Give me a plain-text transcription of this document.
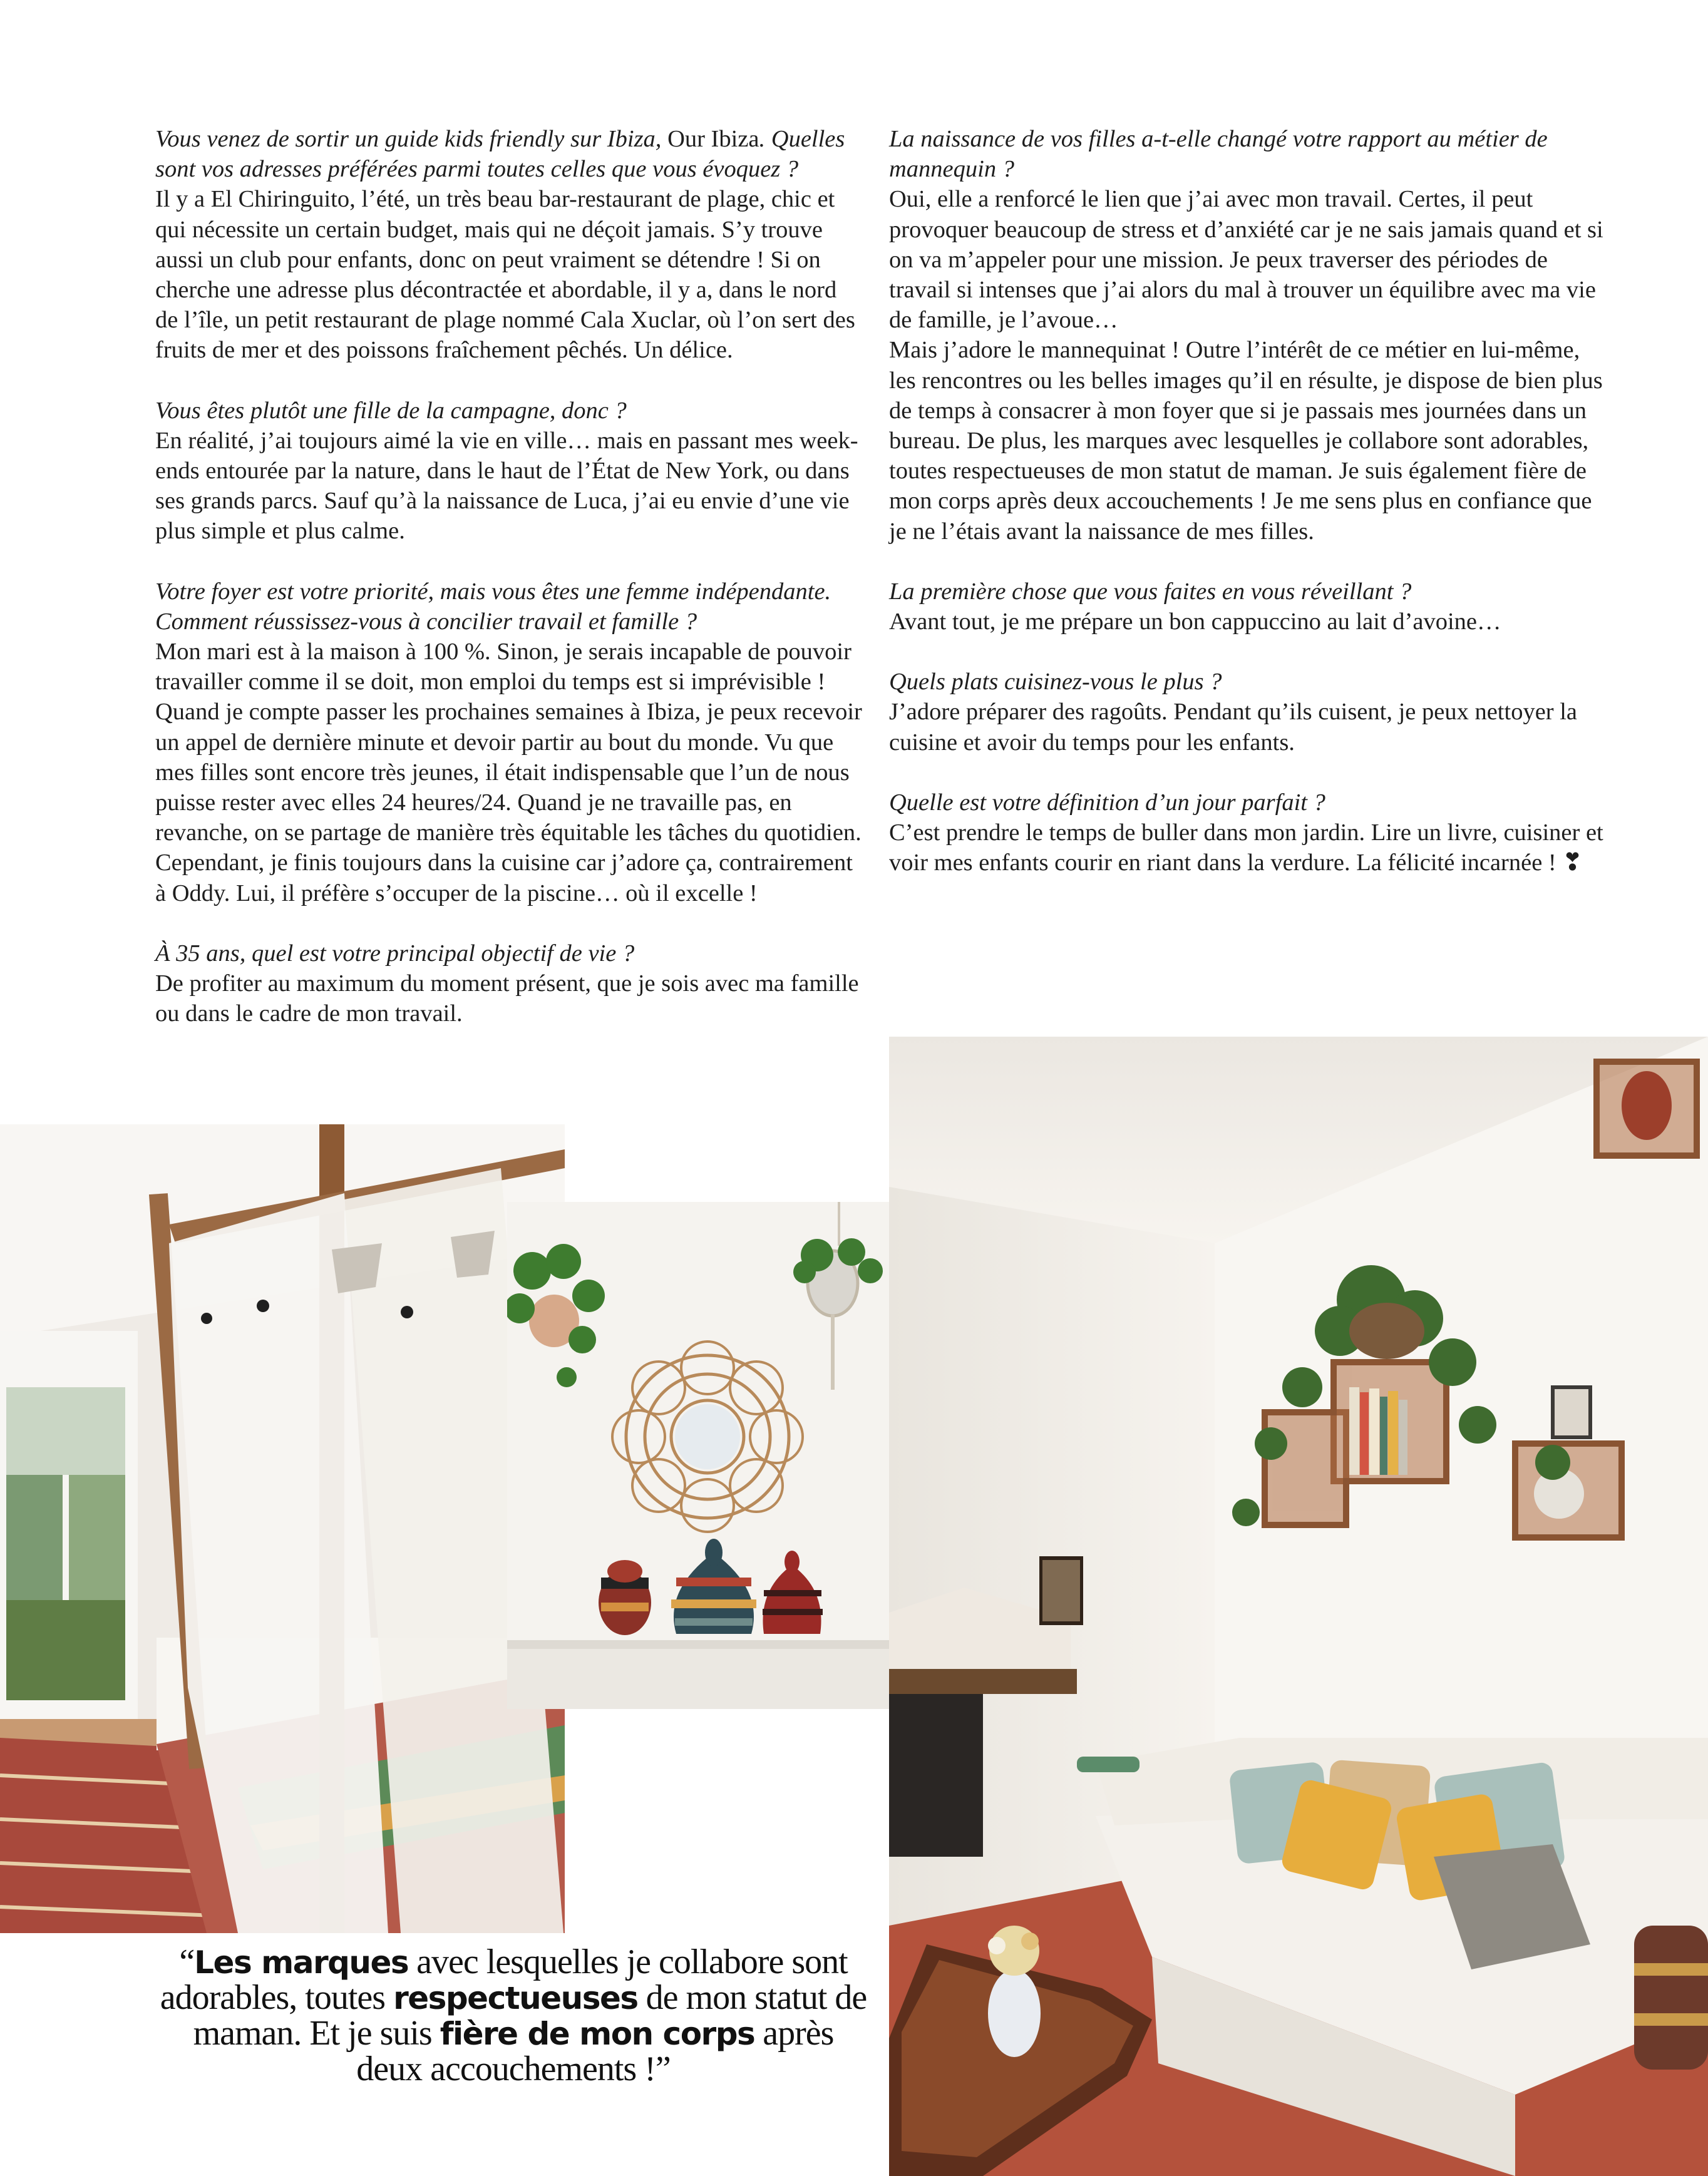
Vous venez de sortir un guide kids friendly sur Ibiza, Our Ibiza. Quelles sont vos adresses préférées parmi toutes celles que vous évoquez ?

Il y a El Chiringuito, l’été, un très beau bar-restaurant de plage, chic et qui nécessite un certain budget, mais qui ne déçoit jamais. S’y trouve aussi un club pour enfants, donc on peut vraiment se détendre ! Si on cherche une adresse plus décontractée et abordable, il y a, dans le nord de l’île, un petit restaurant de plage nommé Cala Xuclar, où l’on sert des fruits de mer et des poissons fraîchement pêchés. Un délice.

Vous êtes plutôt une fille de la campagne, donc ?

En réalité, j’ai toujours aimé la vie en ville… mais en passant mes week-ends entourée par la nature, dans le haut de l’État de New York, ou dans ses grands parcs. Sauf qu’à la naissance de Luca, j’ai eu envie d’une vie plus simple et plus calme.

Votre foyer est votre priorité, mais vous êtes une femme indépendante. Comment réussissez-vous à concilier travail et famille ?

Mon mari est à la maison à 100 %. Sinon, je serais incapable de pouvoir travailler comme il se doit, mon emploi du temps est si imprévisible ! Quand je compte passer les prochaines semaines à Ibiza, je peux recevoir un appel de dernière minute et devoir partir au bout du monde. Vu que mes filles sont encore très jeunes, il était indispensable que l’un de nous puisse rester avec elles 24 heures/24. Quand je ne travaille pas, en revanche, on se partage de manière très équitable les tâches du quotidien. Cependant, je finis toujours dans la cuisine car j’adore ça, contrairement à Oddy. Lui, il préfère s’occuper de la piscine… où il excelle !

À 35 ans, quel est votre principal objectif de vie ?

De profiter au maximum du moment présent, que je sois avec ma famille ou dans le cadre de mon travail.

La naissance de vos filles a-t-elle changé votre rapport au métier de mannequin ?

Oui, elle a renforcé le lien que j’ai avec mon travail. Certes, il peut provoquer beaucoup de stress et d’anxiété car je ne sais jamais quand et si on va m’appeler pour une mission. Je peux traverser des périodes de travail si intenses que j’ai alors du mal à trouver un équilibre avec ma vie de famille, je l’avoue…

Mais j’adore le mannequinat ! Outre l’intérêt de ce métier en lui-même, les rencontres ou les belles images qu’il en résulte, je dispose de bien plus de temps à consacrer à mon foyer que si je passais mes journées dans un bureau. De plus, les marques avec lesquelles je collabore sont adorables, toutes respectueuses de mon statut de maman. Je suis également fière de mon corps après deux accouchements ! Je me sens plus en confiance que je ne l’étais avant la naissance de mes filles.

La première chose que vous faites en vous réveillant ?

Avant tout, je me prépare un bon cappuccino au lait d’avoine…

Quels plats cuisinez-vous le plus ?

J’adore préparer des ragoûts. Pendant qu’ils cuisent, je peux nettoyer la cuisine et avoir du temps pour les enfants.

Quelle est votre définition d’un jour parfait ?

C’est prendre le temps de buller dans mon jardin. Lire un livre, cuisiner et voir mes enfants courir en riant dans la verdure. La félicité incarnée ! ❣

“Les marques avec lesquelles je collabore sont adorables, toutes respectueuses de mon statut de maman. Et je suis fière de mon corps après deux accouchements !”
